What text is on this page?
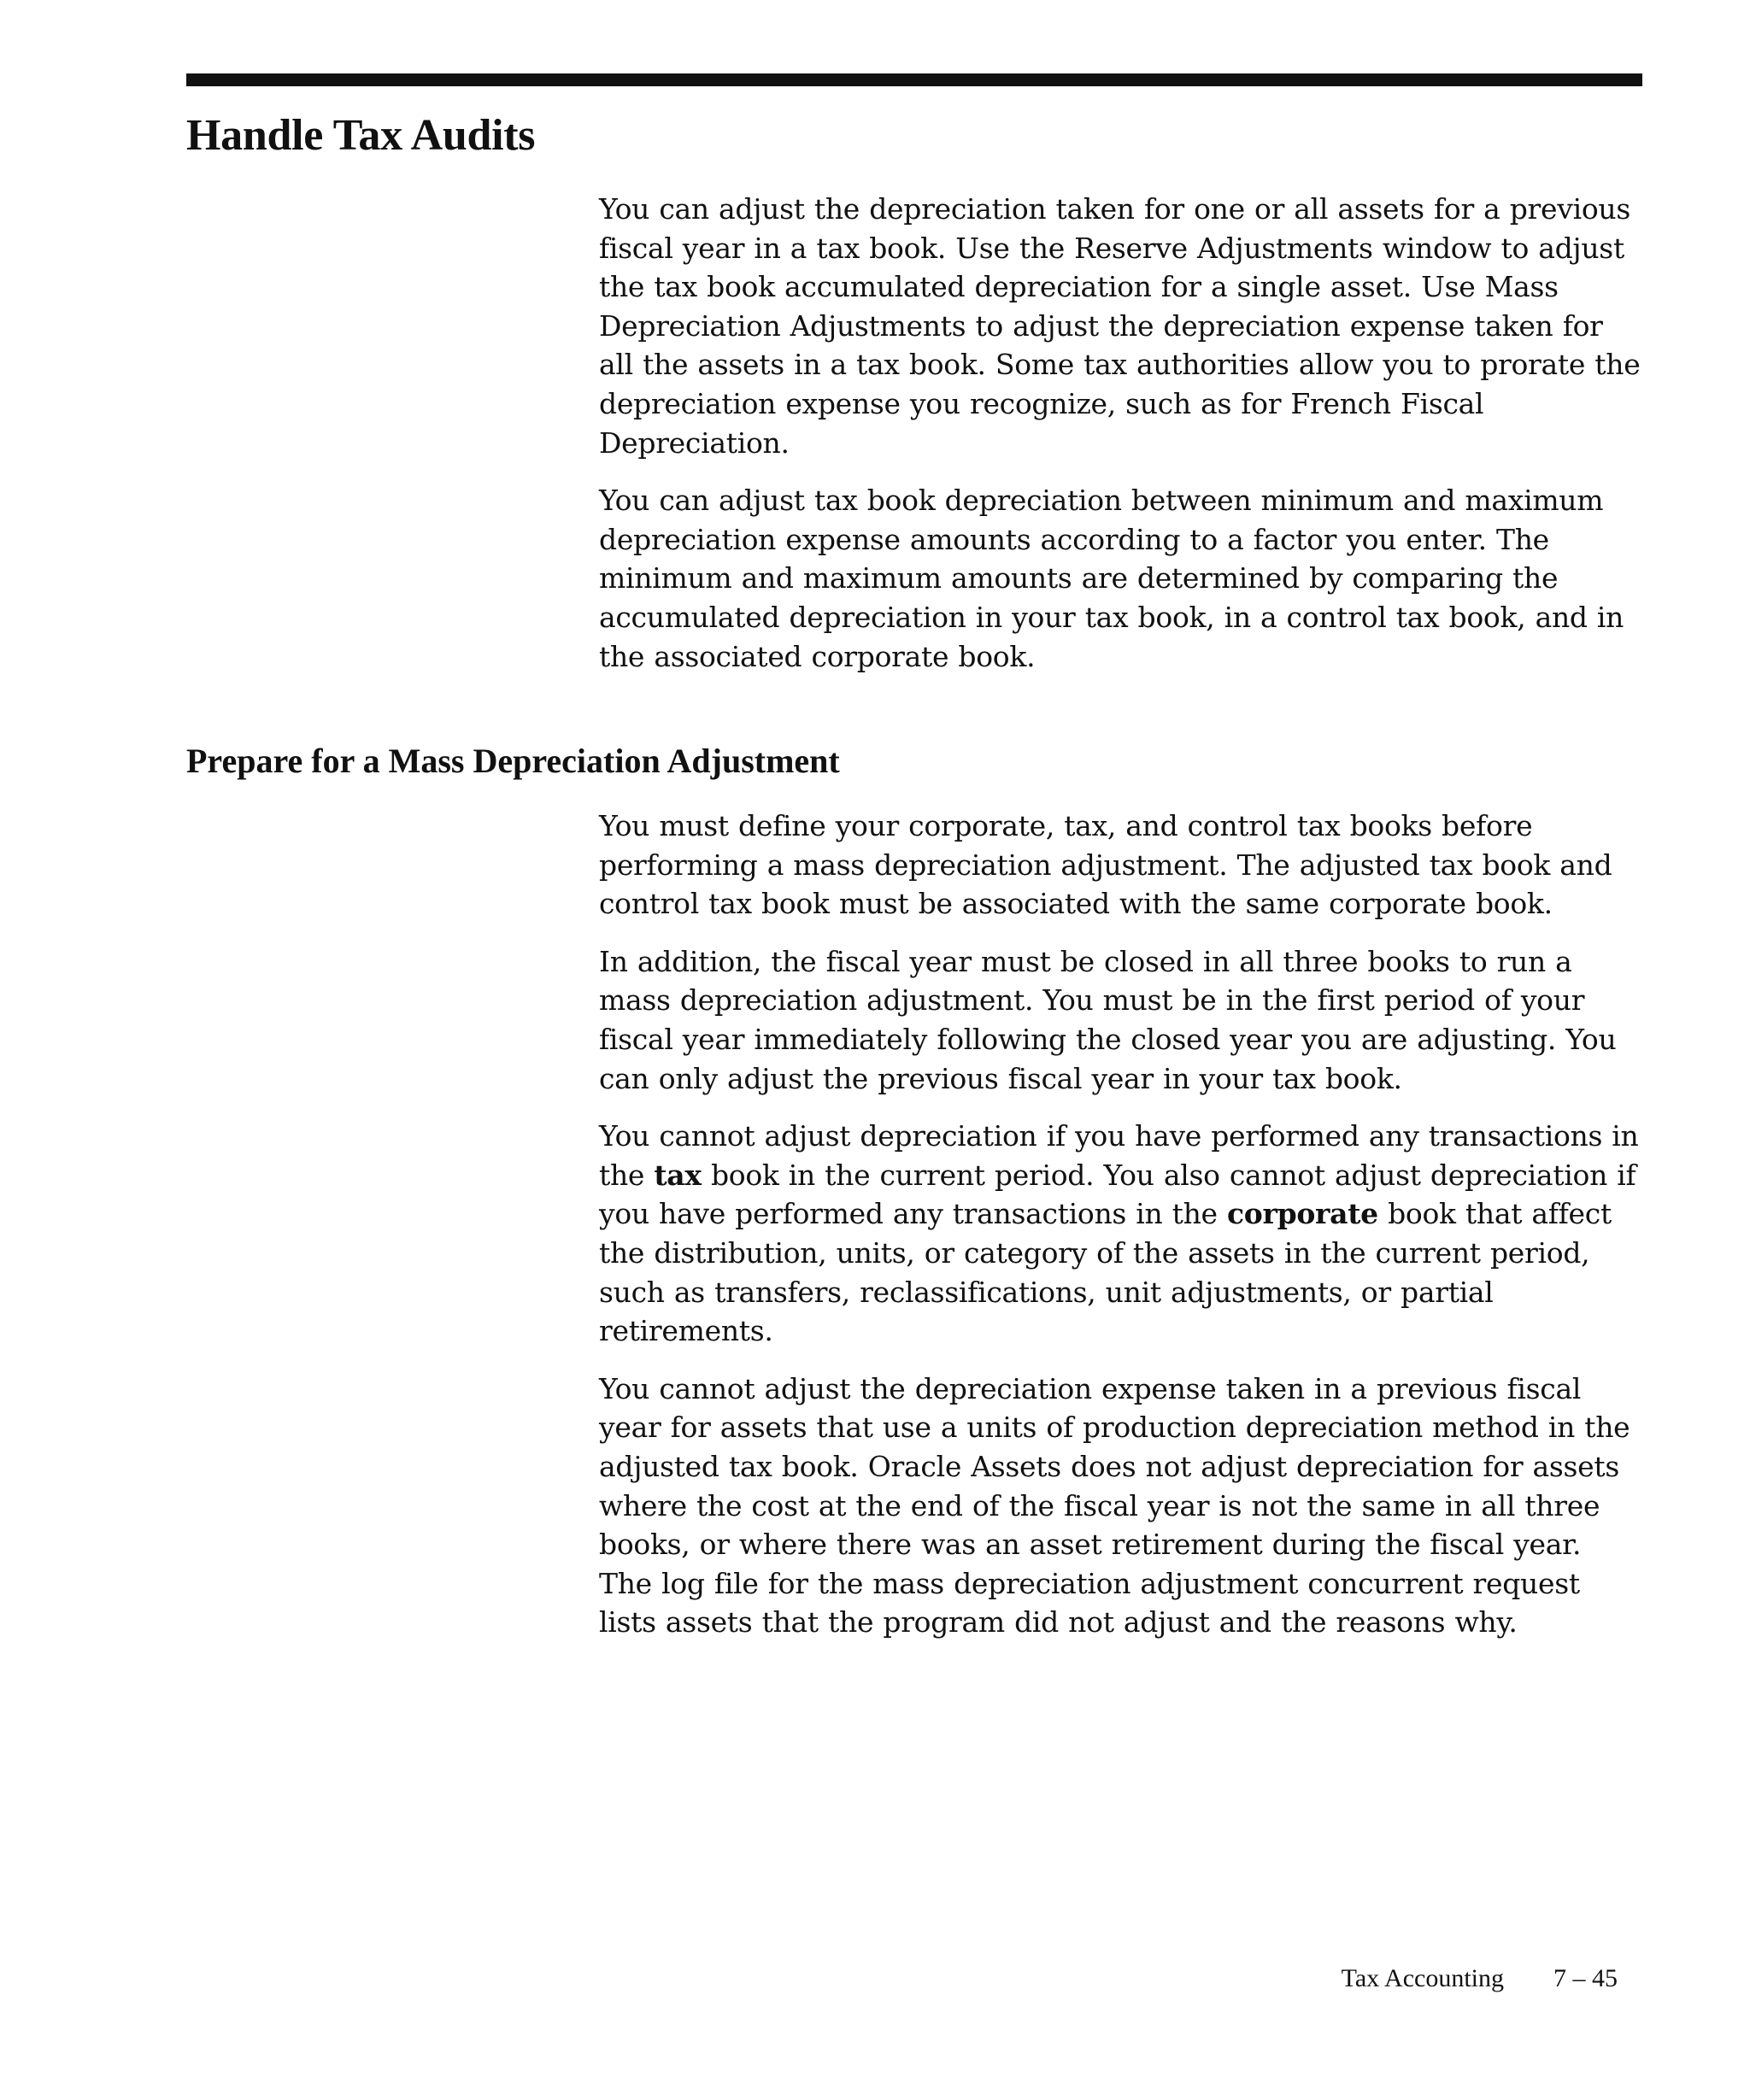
Handle Tax Audits

You can adjust the depreciation taken for one or all assets for a previous fiscal year in a tax book. Use the Reserve Adjustments window to adjust the tax book accumulated depreciation for a single asset. Use Mass Depreciation Adjustments to adjust the depreciation expense taken for all the assets in a tax book. Some tax authorities allow you to prorate the depreciation expense you recognize, such as for French Fiscal Depreciation.

You can adjust tax book depreciation between minimum and maximum depreciation expense amounts according to a factor you enter. The minimum and maximum amounts are determined by comparing the accumulated depreciation in your tax book, in a control tax book, and in the associated corporate book.

Prepare for a Mass Depreciation Adjustment

You must define your corporate, tax, and control tax books before performing a mass depreciation adjustment. The adjusted tax book and control tax book must be associated with the same corporate book.

In addition, the fiscal year must be closed in all three books to run a mass depreciation adjustment. You must be in the first period of your fiscal year immediately following the closed year you are adjusting. You can only adjust the previous fiscal year in your tax book.

You cannot adjust depreciation if you have performed any transactions in the tax book in the current period. You also cannot adjust depreciation if you have performed any transactions in the corporate book that affect the distribution, units, or category of the assets in the current period, such as transfers, reclassifications, unit adjustments, or partial retirements.

You cannot adjust the depreciation expense taken in a previous fiscal year for assets that use a units of production depreciation method in the adjusted tax book. Oracle Assets does not adjust depreciation for assets where the cost at the end of the fiscal year is not the same in all three books, or where there was an asset retirement during the fiscal year. The log file for the mass depreciation adjustment concurrent request lists assets that the program did not adjust and the reasons why.

Tax Accounting 7 – 45
